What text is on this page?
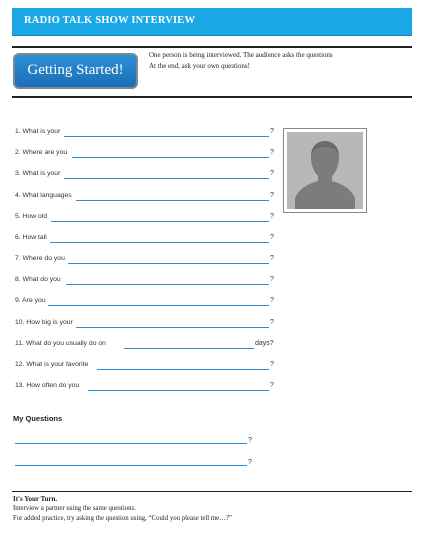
RADIO TALK SHOW INTERVIEW
Getting Started!
One person is being interviewed. The audience asks the questions
At the end, ask your own questions!
1. What is your	?
2. Where are you	?
3. What is your	?
4. What languages	?
5. How old	?
6. How tall	?
7. Where do you	?
8. What do you	?
9. Are you	?
10. How big is your	?
11. What do you usually do on	days?
12. What is your favorite	?
13. How often do you	?
My Questions
?
?
It's Your Turn.
Interview a partner using the same questions.
For added practice, try asking the question using, “Could you please tell me…?”
